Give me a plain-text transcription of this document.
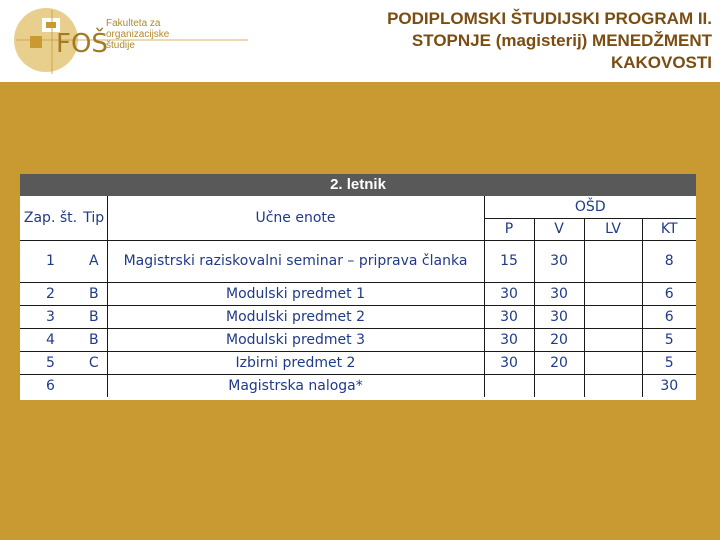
FOŠ
Fakulteta za
organizacijske
študije
PODIPLOMSKI ŠTUDIJSKI PROGRAM II.
STOPNJE (magisterij) MENEDŽMENT
KAKOVOSTI
2. letnik
Zap. št.	Tip	Učne enote	OŠD			
			P	V	LV	KT
1	A	Magistrski raziskovalni seminar – priprava članka	15	30		8
2	B	Modulski predmet 1	30	30		6
3	B	Modulski predmet 2	30	30		6
4	B	Modulski predmet 3	30	20		5
5	C	Izbirni predmet 2	30	20		5
6		Magistrska naloga*				30
